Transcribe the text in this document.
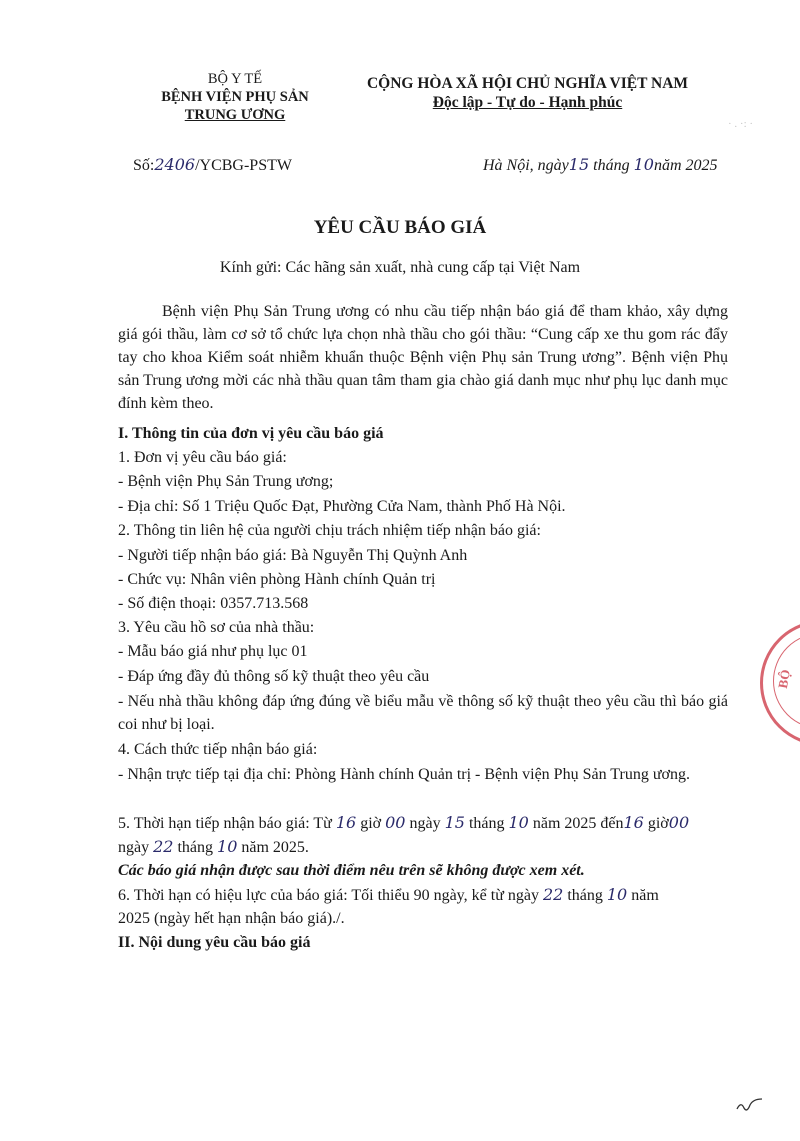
BỘ Y TẾ
BỆNH VIỆN PHỤ SẢN
TRUNG ƯƠNG
CỘNG HÒA XÃ HỘI CHỦ NGHĨA VIỆT NAM
Độc lập - Tự do - Hạnh phúc
· . ·: ·
Số:2406/YCBG-PSTW	Hà Nội, ngày15 tháng 10năm 2025
YÊU CẦU BÁO GIÁ
Kính gửi: Các hãng sản xuất, nhà cung cấp tại Việt Nam
Bệnh viện Phụ Sản Trung ương có nhu cầu tiếp nhận báo giá để tham khảo, xây dựng giá gói thầu, làm cơ sở tổ chức lựa chọn nhà thầu cho gói thầu: “Cung cấp xe thu gom rác đẩy tay cho khoa Kiểm soát nhiễm khuẩn thuộc Bệnh viện Phụ sản Trung ương”. Bệnh viện Phụ sản Trung ương mời các nhà thầu quan tâm tham gia chào giá danh mục như phụ lục danh mục đính kèm theo.
I. Thông tin của đơn vị yêu cầu báo giá
1. Đơn vị yêu cầu báo giá:
- Bệnh viện Phụ Sản Trung ương;
- Địa chỉ: Số 1 Triệu Quốc Đạt, Phường Cửa Nam, thành Phố Hà Nội.
2. Thông tin liên hệ của người chịu trách nhiệm tiếp nhận báo giá:
- Người tiếp nhận báo giá: Bà Nguyễn Thị Quỳnh Anh
- Chức vụ: Nhân viên phòng Hành chính Quản trị
- Số điện thoại: 0357.713.568
3. Yêu cầu hồ sơ của nhà thầu:
- Mẫu báo giá như phụ lục 01
- Đáp ứng đầy đủ thông số kỹ thuật theo yêu cầu
- Nếu nhà thầu không đáp ứng đúng về biểu mẫu về thông số kỹ thuật theo yêu cầu thì báo giá coi như bị loại.
4. Cách thức tiếp nhận báo giá:
- Nhận trực tiếp tại địa chỉ: Phòng Hành chính Quản trị - Bệnh viện Phụ Sản Trung ương.
5. Thời hạn tiếp nhận báo giá: Từ 16 giờ 00 ngày 15 tháng 10 năm 2025 đến16 giờ00
ngày 22 tháng 10 năm 2025.
Các báo giá nhận được sau thời điểm nêu trên sẽ không được xem xét.
6. Thời hạn có hiệu lực của báo giá: Tối thiểu 90 ngày, kể từ ngày 22 tháng 10 năm
2025 (ngày hết hạn nhận báo giá)./.
II. Nội dung yêu cầu báo giá
BỘ
